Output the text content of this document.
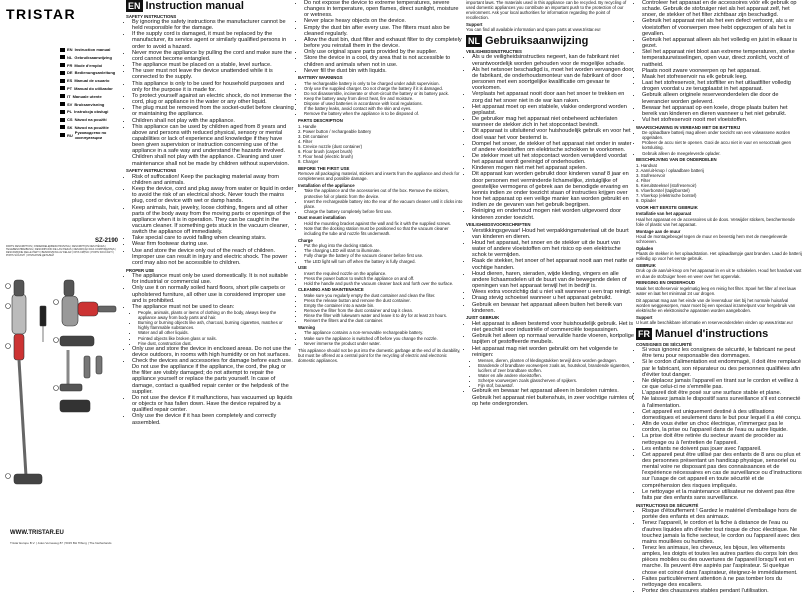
TRISTAR
EN Instruction manual
NL Gebruiksaanwijzing
FR Mode d'emploi
DE Bedienungsanleitung
ES Manual de usuario
PT Manual do utilizador
IT Manuale utente
SV Bruksanvisning
PL Instrukcja obsługi
CS Návod na použití
SK Návod na použitie
RU Руководство по эксплуатации
SZ-2190
PARTS DESCRIPTION | ONDERDELENBESCHRIJVING | DESCRIPTION DES PIÈCES | TEILEBESCHREIBUNG | DESCRIPCIÓN DE LAS PIEZAS | DESCRIÇÃO DAS COMPONENTES | DESCRIZIONE DELLE PARTI | BESKRIVNING AV DELAR | OPIS CZĘŚCI | POPIS SOUČÁSTÍ | POPIS SÚČASTÍ | ОПИСАНИЕ ДЕТАЛЕЙ
WWW.TRISTAR.EU
Tristar Europe B.V. | Jules Verneweg 87 | 5015 BH Tilburg | The Netherlands
EN Instruction manual
SAFETY INSTRUCTIONS
• By ignoring the safety instructions the manufacturer cannot be held responsible for the damage.
• If the supply cord is damaged, it must be replaced by the manufacturer, its service agent or similarly qualified persons in order to avoid a hazard.
• Never move the appliance by pulling the cord and make sure the cord cannot become entangled.
• The appliance must be placed on a stable, level surface.
• The user must not leave the device unattended while it is connected to the supply.
• This appliance is only to be used for household purposes and only for the purpose it is made for.
• To protect yourself against an electric shock, do not immerse the cord, plug or appliance in the water or any other liquid.
• The plug must be removed from the socket-outlet before cleaning or maintaining the appliance.
• Children shall not play with the appliance.
• This appliance can be used by children aged from 8 years and above and persons with reduced physical, sensory or mental capabilities or lack of experience and knowledge if they have been given supervision or instruction concerning use of the appliance in a safe way and understand the hazards involved. Children shall not play with the appliance. Cleaning and user maintenance shall not be made by children without supervision.
SAFETY INSTRUCTIONS
• Risk of suffocation! Keep the packaging material away from children and animals.
• Keep the device, cord and plug away from water or liquid in order to avoid the risk of an electrical shock. Never touch the mains plug, cord or device with wet or damp hands.
• Keep animals, hair, jewelry, loose clothing, fingers and all other parts of the body away from the moving parts or openings of the appliance when it is in operation. They can be caught in the vacuum cleaner. If something gets stuck in the vacuum cleaner, switch the appliance off immediately.
• Take special care to avoid falling when cleaning stairs.
• Wear firm footwear during use.
• Use and store the device only out of the reach of children. Improper use can result in injury and electric shock. The power cord may also not be accessible to children.
PROPER USE
• The appliance must only be used domestically. It is not suitable for industrial or commercial use.
• Only use it on normally soiled hard floors, short pile carpets or upholstered furniture, all other use is considered improper use and is prohibited.
• The appliance must not be used to clean:
• People, animals, plants or items of clothing on the body, always keep the appliance away from body parts and hair.
• Burning or burning objects like ash, charcoal, burning cigarettes, matches or highly flammable substances.
• Water and all other liquids.
• Pointed objects like broken glass or nails.
• Fine dust, construction dust.
• Only use and store the device in enclosed areas. Do not use the device outdoors, in rooms with high humidity or on hot surfaces.
• Check the devices and accessories for damage before each use. Do not use the appliance if the appliance, the cord, the plug or the filter are visibly damaged; do not attempt to repair the appliance yourself or replace the parts yourself. In case of damage, contact a qualified repair center or the helpdesk of the supplier.
• Do not use the device if it malfunctions, has vacuumed up liquids or objects or has fallen down. Have the device repaired by a qualified repair center.
• Only use the device if it has been completely and correctly assembled.
• Do not expose the device to extreme temperatures, severe changes in temperature, open flames, direct sunlight, moisture or wetness.
• Never place heavy objects on the device.
• Empty the dust bin after every use. The filters must also be cleaned regularly.
• Allow the dust bin, dust filter and exhaust filter to dry completely before you reinstall them in the device.
• Only use original spare parts provided by the supplier.
• Store the device in a cool, dry area that is not accessible to children and animals when not in use.
• Never fill the dust bin with liquids.
BATTERY WARNINGS
• The rechargeable battery is only to be charged under adult supervision.
• Only use the supplied charger. Do not charge the battery if it is damaged.
• Do not disassemble, incinerate or short-circuit the battery or its battery pack.
• Keep the battery away from direct heat, fire and moisture.
• Dispose of used batteries in accordance with local regulations.
• If the battery leaks, avoid contact with the skin and eyes.
• Remove the battery when the appliance is to be disposed of.
PARTS DESCRIPTION
1. Handle
2. Power button / rechargeable battery
3. Dirt container
4. Filter
5. Crevice nozzle (dust container)
6. Floor brush (carpet brush)
7. Floor head (electric brush)
8. Charger
BEFORE THE FIRST USE

Remove all packaging material, stickers and inserts from the appliance and check for completeness and possible damage.

Installation of the appliance
• Take the appliance and the accessories out of the box. Remove the stickers, protective foil or plastic from the device.
• Insert the rechargeable battery into the rear of the vacuum cleaner until it clicks into place.
• Charge the battery completely before first use.
Dust mount installation
• Hold the mounting bracket against the wall and fix it with the supplied screws.
• Note that the docking station must be positioned so that the vacuum cleaner including the tube and nozzle fits underneath.
Charge
• Put the plug into the docking station.
• The charging LED will start to illuminate.
• Fully charge the battery of the vacuum cleaner before first use.
• The LED light will turn off when the battery is fully charged.
USE
• Insert the required nozzle on the appliance.
• Press the power button to switch the appliance on and off.
• Hold the handle and push the vacuum cleaner back and forth over the surface.
CLEANING AND MAINTENANCE
• Make sure you regularly empty the dust container and clean the filter.
• Press the release button and remove the dust container.
• Empty the container into a waste bin.
• Remove the filter from the dust container and tap it clean.
• Rinse the filter with lukewarm water and leave it to dry for at least 24 hours.
• Reinsert the filters and the dust container.
Warning
• The appliance contains a non-removable rechargeable battery.
• Make sure the appliance is switched off before you change the nozzle.
• Never immerse the product under water.

This appliance should not be put into the domestic garbage at the end of its durability, but must be offered at a central point for the recycling of electric and electronic domestic appliances.

important laws. The materials used in this appliance can be recycled. By recycling of used domestic appliances you contribute an important push to the protection of our environment. Ask your local authorities for information regarding the point of recollection.

Support

You can find all available information and spare parts at www.tristar.eu!

NL Gebruiksaanwijzing
VEILIGHEIDSINSTRUCTIES
• Als u de veiligheidsinstructies negeert, kan de fabrikant niet verantwoordelijk worden gehouden voor de mogelijke schade.
• Als het netsnoer beschadigd is, moet het worden vervangen door de fabrikant, de onderhoudsmonteur van de fabrikant of door personen met een soortgelijke kwalificatie om gevaar te voorkomen.
• Verplaats het apparaat nooit door aan het snoer te trekken en zorg dat het snoer niet in de war kan raken.
• Het apparaat moet op een stabiele, vlakke ondergrond worden geplaatst.
• De gebruiker mag het apparaat niet onbeheerd achterlaten wanneer de stekker zich in het stopcontact bevindt.
• Dit apparaat is uitsluitend voor huishoudelijk gebruik en voor het doel waar het voor bestemd is.
• Dompel het snoer, de stekker of het apparaat niet onder in water of andere vloeistoffen om elektrische schokken te voorkomen.
• De stekker moet uit het stopcontact worden verwijderd voordat het apparaat wordt gereinigd of onderhouden.
• Kinderen mogen niet met het apparaat spelen.
• Dit apparaat kan worden gebruikt door kinderen vanaf 8 jaar en door personen met verminderde lichamelijke, zintuiglijke of geestelijke vermogens of gebrek aan de benodigde ervaring en kennis indien ze onder toezicht staan of instructies krijgen over hoe het apparaat op een veilige manier kan worden gebruikt en indien ze de gevaren van het gebruik begrijpen.
• Reiniging en onderhoud mogen niet worden uitgevoerd door kinderen zonder toezicht.
VEILIGHEIDSVOORSCHRIFTEN
• Verstikkingsgevaar! Houd het verpakkingsmateriaal uit de buurt van kinderen en dieren.
• Houd het apparaat, het snoer en de stekker uit de buurt van water of andere vloeistoffen om het risico op een elektrische schok te vermijden.
• Raak de stekker, het snoer of het apparaat nooit aan met natte of vochtige handen.
• Houd dieren, haren, sieraden, wijde kleding, vingers en alle andere lichaamsdelen uit de buurt van de bewegende delen of openingen van het apparaat terwijl het in bedrijf is.
• Wees extra voorzichtig dat u niet valt wanneer u een trap reinigt.
• Draag stevig schoeisel wanneer u het apparaat gebruikt.
• Gebruik en bewaar het apparaat alleen buiten het bereik van kinderen.
JUIST GEBRUIK
• Het apparaat is alleen bestemd voor huishoudelijk gebruik. Het is niet geschikt voor industriële of commerciële toepassingen.
• Gebruik het alleen op normaal vervuilde harde vloeren, kortpolige tapijten of gestoffeerde meubels.
• Het apparaat mag niet worden gebruikt om het volgende te reinigen:
• Mensen, dieren, planten of kledingstukken terwijl deze worden gedragen.
• Brandende of brandbare voorwerpen zoals as, houtskool, brandende sigaretten, lucifers of zeer brandbare stoffen.
• Water en alle andere vloeistoffen.
• Scherpe voorwerpen zoals glasscherven of spijkers.
• Fijn stof, bouwstof.
• Gebruik en bewaar het apparaat alleen in besloten ruimtes. Gebruik het apparaat niet buitenshuis, in zeer vochtige ruimtes of op hete ondergronden.
• Controleer het apparaat en de accessoires vóór elk gebruik op schade. Gebruik de stofzuiger niet als het apparaat zelf, het snoer, de stekker of het filter zichtbaar zijn beschadigd.
• Gebruik het apparaat niet als het een defect vertoont, als u er vloeistoffen of voorwerpen mee hebt opgezogen of als het is gevallen.
• Gebruik het apparaat alleen als het volledig en juist in elkaar is gezet.
• Stel het apparaat niet bloot aan extreme temperaturen, sterke temperatuurwisselingen, open vuur, direct zonlicht, vocht of nattheid.
• Plaats nooit zware voorwerpen op het apparaat.
• Maak het stofreservoir na elk gebruik leeg.
• Laat het stofreservoir, het stoffilter en het uitlaatfilter volledig drogen voordat u ze terugplaatst in het apparaat.
• Gebruik alleen originele reserveonderdelen die door de leverancier worden geleverd.
• Bewaar het apparaat op een koele, droge plaats buiten het bereik van kinderen en dieren wanneer u het niet gebruikt.
• Vul het stofreservoir nooit met vloeistoffen.
WAARSCHUWING IN VERBAND MET DE BATTERIJ
• De oplaadbare batterij mag alleen onder toezicht van een volwassene worden opgeladen.
• Probeer de accu niet te openen. Gooi de accu niet in vuur en veroorzaak geen kortsluiting.
• Gebruik alleen de meegeleverde oplader.
BESCHRIJVING VAN DE ONDERDELEN
1. Handvat
2. Aan/uit-knop / oplaadbare batterij
3. Stofreservoir
4. Filter
5. Kieruitsteeksel (stofreservoir)
6. Vloerborstel (tapijtborstel)
7. Vloerkop (elektrische borstel)
8. Oplader
VOOR HET EERSTE GEBRUIK
Installatie van het apparaat

Haal het apparaat en de accessoires uit de doos. Verwijder stickers, beschermende folie of plastic van het apparaat.

Montage aan de muur

Houd de montagebeugel tegen de muur en bevestig hem met de meegeleverde schroeven.

Opladen

Plaats de stekker in het oplaadstation. Het oplaadlampje gaat branden. Laad de batterij volledig op voor het eerste gebruik.

GEBRUIK

Druk op de aan/uit-knop om het apparaat in en uit te schakelen. Houd het handvat vast en duw de stofzuiger heen en weer over het oppervlak.

REINIGING EN ONDERHOUD

Maak het stofreservoir regelmatig leeg en reinig het filter. Spoel het filter af met lauw water en laat het minimaal 24 uur drogen.

Dit apparaat mag aan het einde van de levensduur niet bij het normale huisafval worden weggeworpen, maar moet bij een speciaal inzamelpunt voor hergebruik van elektrische en elektronische apparaten worden aangeboden.

Support

U kunt alle beschikbare informatie en reserveonderdelen vinden op www.tristar.eu!

FR Manuel d'instructions
CONSIGNES DE SÉCURITÉ
• Si vous ignorez les consignes de sécurité, le fabricant ne peut être tenu pour responsable des dommages.
• Si le cordon d'alimentation est endommagé, il doit être remplacé par le fabricant, son réparateur ou des personnes qualifiées afin d'éviter tout danger.
• Ne déplacez jamais l'appareil en tirant sur le cordon et veillez à ce que celui-ci ne s'emmêle pas.
• L'appareil doit être posé sur une surface stable et plane.
• Ne laissez jamais le dispositif sans surveillance s'il est connecté à l'alimentation.
• Cet appareil est uniquement destiné à des utilisations domestiques et seulement dans le but pour lequel il a été conçu.
• Afin de vous éviter un choc électrique, n'immergez pas le cordon, la prise ou l'appareil dans de l'eau ou autre liquide.
• La prise doit être retirée du secteur avant de procéder au nettoyage ou à l'entretien de l'appareil.
• Les enfants ne doivent pas jouer avec l'appareil.
• Cet appareil peut être utilisé par des enfants de 8 ans ou plus et des personnes présentant un handicap physique, sensoriel ou mental voire ne disposant pas des connaissances et de l'expérience nécessaires en cas de surveillance ou d'instructions sur l'usage de cet appareil en toute sécurité et de compréhension des risques impliqués.
• Le nettoyage et la maintenance utilisateur ne doivent pas être faits par des enfants sans surveillance.
INSTRUCTIONS DE SÉCURITÉ
• Risque d'étouffement ! Gardez le matériel d'emballage hors de portée des enfants et des animaux.
• Tenez l'appareil, le cordon et la fiche à distance de l'eau ou d'autres liquides afin d'éviter tout risque de choc électrique. Ne touchez jamais la fiche secteur, le cordon ou l'appareil avec des mains mouillées ou humides.
• Tenez les animaux, les cheveux, les bijoux, les vêtements amples, les doigts et toutes les autres parties du corps loin des pièces mobiles ou des ouvertures de l'appareil lorsqu'il est en marche. Ils peuvent être aspirés par l'aspirateur. Si quelque chose est coincé dans l'aspirateur, éteignez-le immédiatement.
• Faites particulièrement attention à ne pas tomber lors du nettoyage des escaliers.
• Portez des chaussures stables pendant l'utilisation.
